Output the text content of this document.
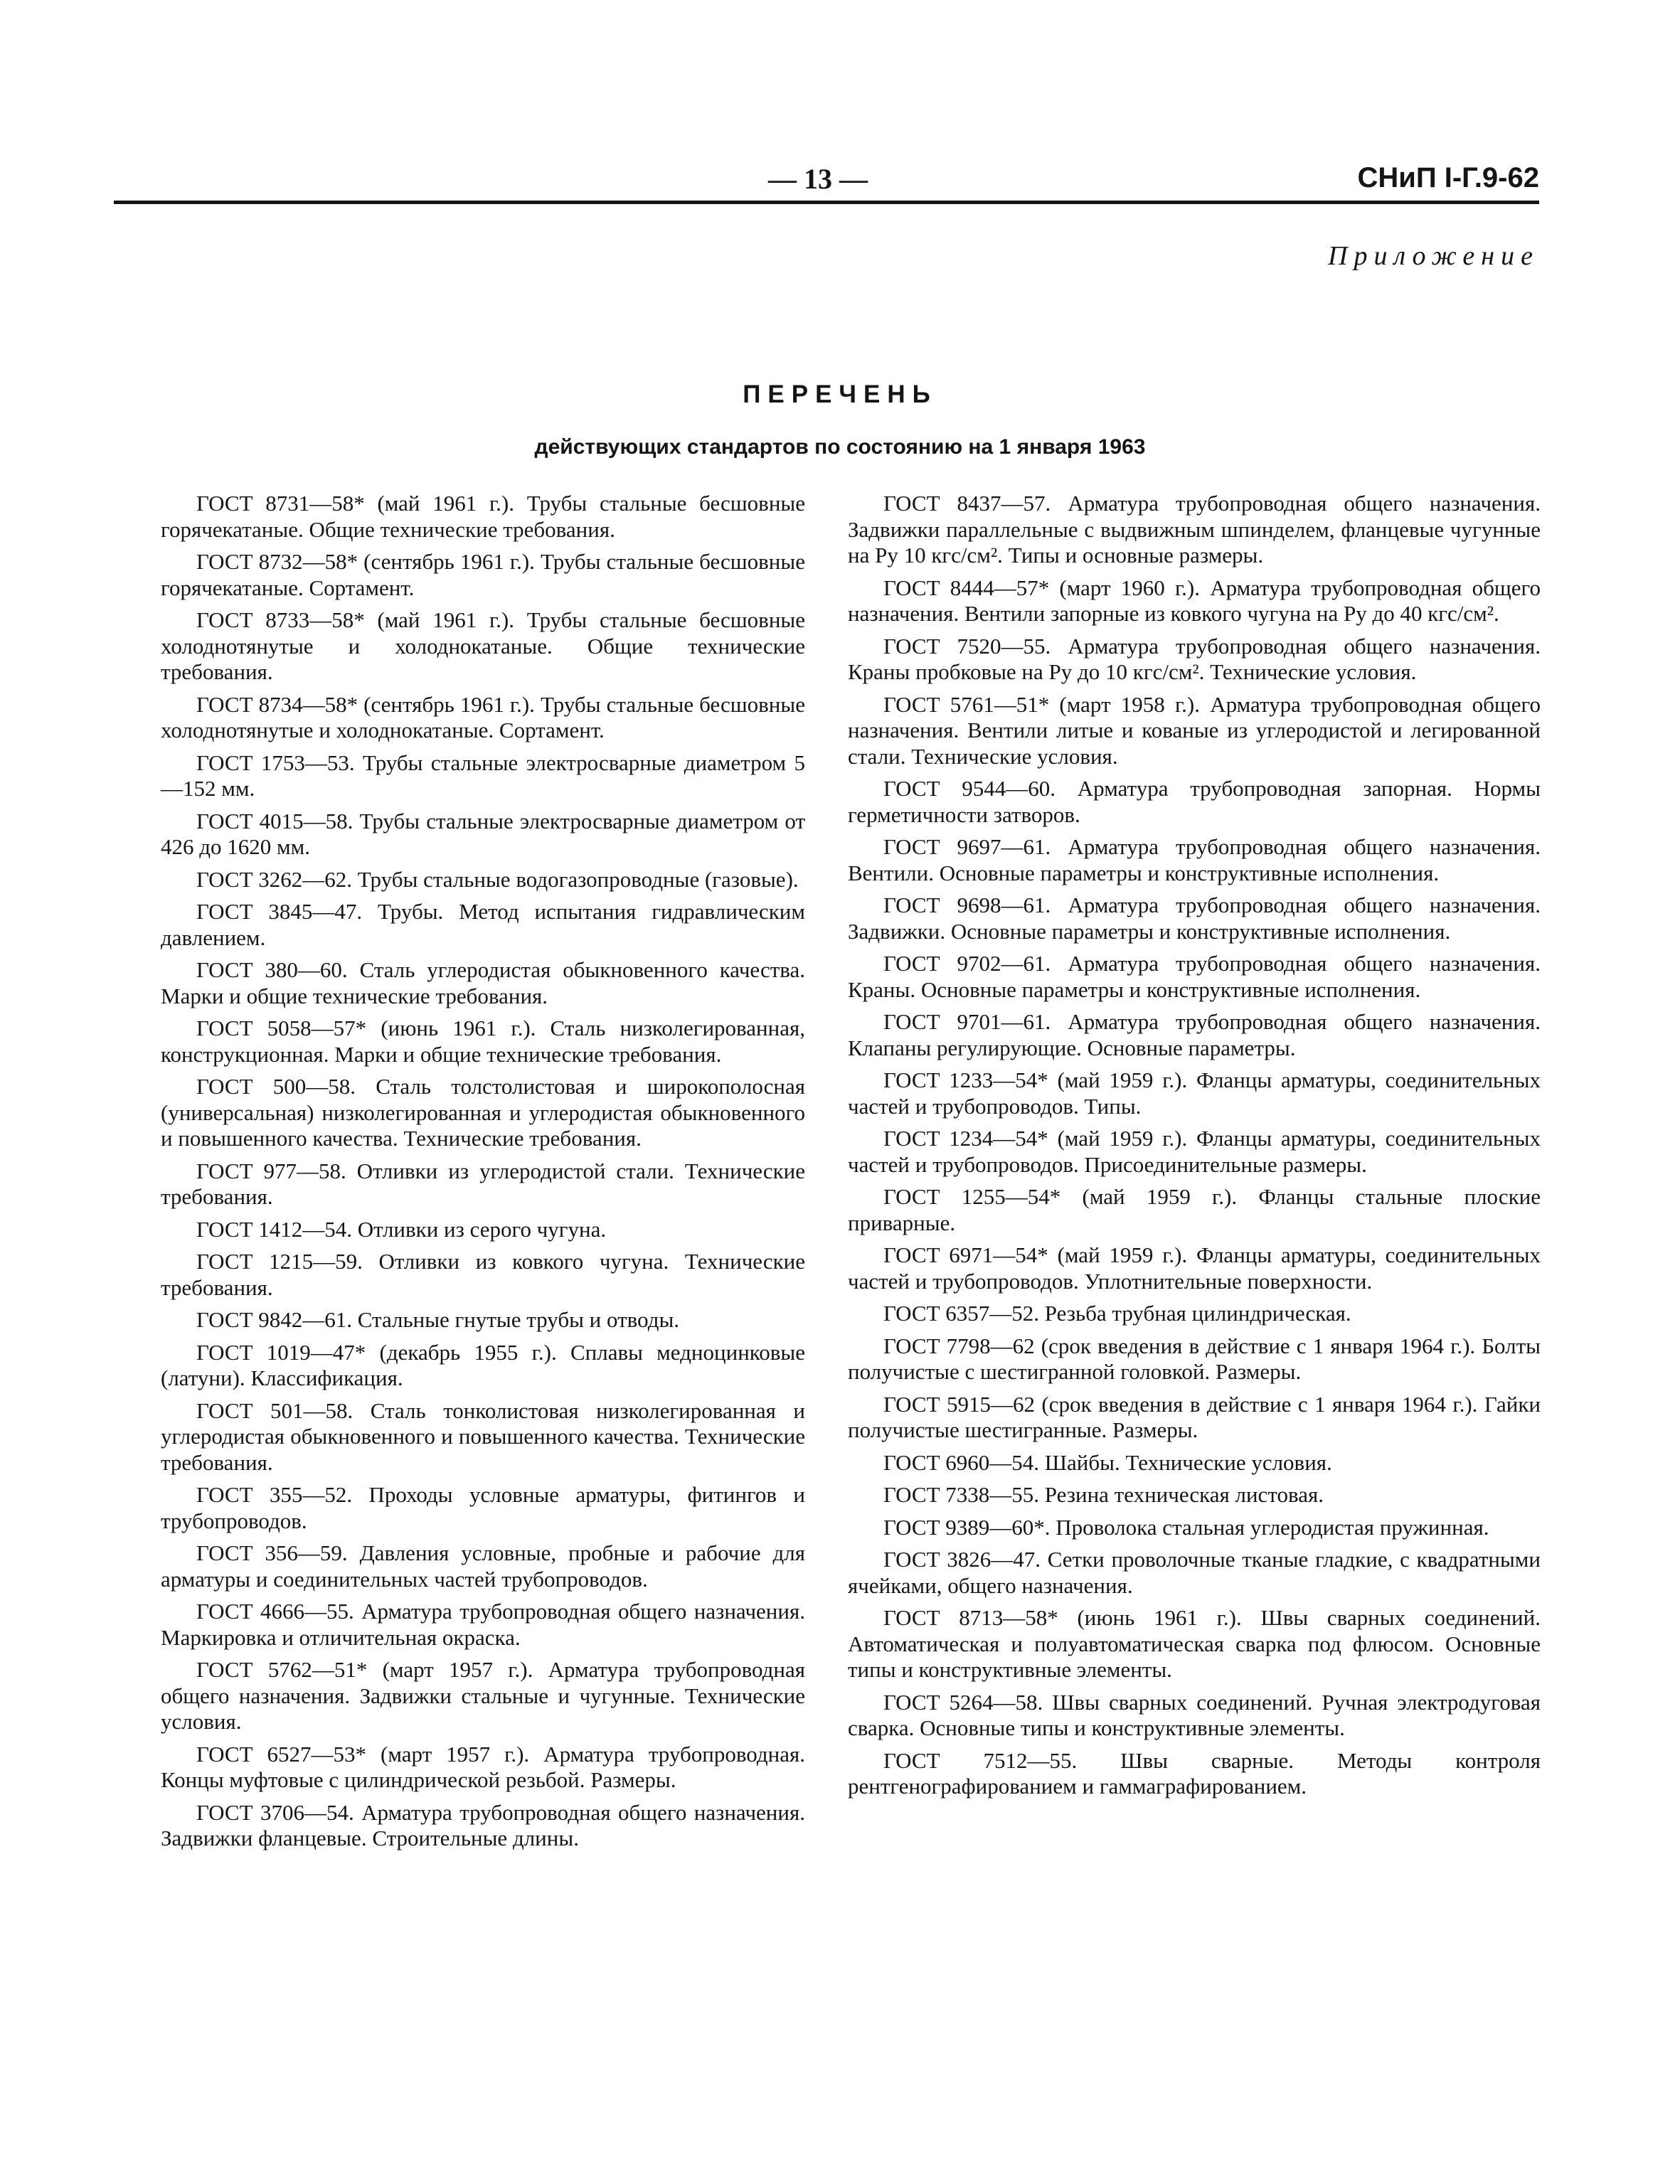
— 13 —	СНиП I-Г.9-62
Приложение
ПЕРЕЧЕНЬ
действующих стандартов по состоянию на 1 января 1963

ГОСТ 8731—58* (май 1961 г.). Трубы стальные бесшовные горячекатаные. Общие технические требования.

ГОСТ 8732—58* (сентябрь 1961 г.). Трубы стальные бесшовные горячекатаные. Сортамент.

ГОСТ 8733—58* (май 1961 г.). Трубы стальные бесшовные холоднотянутые и холоднокатаные. Общие технические требования.

ГОСТ 8734—58* (сентябрь 1961 г.). Трубы стальные бесшовные холоднотянутые и холоднокатаные. Сортамент.

ГОСТ 1753—53. Трубы стальные электросварные диаметром 5—152 мм.

ГОСТ 4015—58. Трубы стальные электросварные диаметром от 426 до 1620 мм.

ГОСТ 3262—62. Трубы стальные водогазопроводные (газовые).

ГОСТ 3845—47. Трубы. Метод испытания гидравлическим давлением.

ГОСТ 380—60. Сталь углеродистая обыкновенного качества. Марки и общие технические требования.

ГОСТ 5058—57* (июнь 1961 г.). Сталь низколегированная, конструкционная. Марки и общие технические требования.

ГОСТ 500—58. Сталь толстолистовая и широкополосная (универсальная) низколегированная и углеродистая обыкновенного и повышенного качества. Технические требования.

ГОСТ 977—58. Отливки из углеродистой стали. Технические требования.

ГОСТ 1412—54. Отливки из серого чугуна.

ГОСТ 1215—59. Отливки из ковкого чугуна. Технические требования.

ГОСТ 9842—61. Стальные гнутые трубы и отводы.

ГОСТ 1019—47* (декабрь 1955 г.). Сплавы медноцинковые (латуни). Классификация.

ГОСТ 501—58. Сталь тонколистовая низколегированная и углеродистая обыкновенного и повышенного качества. Технические требования.

ГОСТ 355—52. Проходы условные арматуры, фитингов и трубопроводов.

ГОСТ 356—59. Давления условные, пробные и рабочие для арматуры и соединительных частей трубопроводов.

ГОСТ 4666—55. Арматура трубопроводная общего назначения. Маркировка и отличительная окраска.

ГОСТ 5762—51* (март 1957 г.). Арматура трубопроводная общего назначения. Задвижки стальные и чугунные. Технические условия.

ГОСТ 6527—53* (март 1957 г.). Арматура трубопроводная. Концы муфтовые с цилиндрической резьбой. Размеры.

ГОСТ 3706—54. Арматура трубопроводная общего назначения. Задвижки фланцевые. Строительные длины.

ГОСТ 8437—57. Арматура трубопроводная общего назначения. Задвижки параллельные с выдвижным шпинделем, фланцевые чугунные на Pу 10 кгс/см². Типы и основные размеры.

ГОСТ 8444—57* (март 1960 г.). Арматура трубопроводная общего назначения. Вентили запорные из ковкого чугуна на Pу до 40 кгс/см².

ГОСТ 7520—55. Арматура трубопроводная общего назначения. Краны пробковые на Pу до 10 кгс/см². Технические условия.

ГОСТ 5761—51* (март 1958 г.). Арматура трубопроводная общего назначения. Вентили литые и кованые из углеродистой и легированной стали. Технические условия.

ГОСТ 9544—60. Арматура трубопроводная запорная. Нормы герметичности затворов.

ГОСТ 9697—61. Арматура трубопроводная общего назначения. Вентили. Основные параметры и конструктивные исполнения.

ГОСТ 9698—61. Арматура трубопроводная общего назначения. Задвижки. Основные параметры и конструктивные исполнения.

ГОСТ 9702—61. Арматура трубопроводная общего назначения. Краны. Основные параметры и конструктивные исполнения.

ГОСТ 9701—61. Арматура трубопроводная общего назначения. Клапаны регулирующие. Основные параметры.

ГОСТ 1233—54* (май 1959 г.). Фланцы арматуры, соединительных частей и трубопроводов. Типы.

ГОСТ 1234—54* (май 1959 г.). Фланцы арматуры, соединительных частей и трубопроводов. Присоединительные размеры.

ГОСТ 1255—54* (май 1959 г.). Фланцы стальные плоские приварные.

ГОСТ 6971—54* (май 1959 г.). Фланцы арматуры, соединительных частей и трубопроводов. Уплотнительные поверхности.

ГОСТ 6357—52. Резьба трубная цилиндрическая.

ГОСТ 7798—62 (срок введения в действие с 1 января 1964 г.). Болты получистые с шестигранной головкой. Размеры.

ГОСТ 5915—62 (срок введения в действие с 1 января 1964 г.). Гайки получистые шестигранные. Размеры.

ГОСТ 6960—54. Шайбы. Технические условия.

ГОСТ 7338—55. Резина техническая листовая.

ГОСТ 9389—60*. Проволока стальная углеродистая пружинная.

ГОСТ 3826—47. Сетки проволочные тканые гладкие, с квадратными ячейками, общего назначения.

ГОСТ 8713—58* (июнь 1961 г.). Швы сварных соединений. Автоматическая и полуавтоматическая сварка под флюсом. Основные типы и конструктивные элементы.

ГОСТ 5264—58. Швы сварных соединений. Ручная электродуговая сварка. Основные типы и конструктивные элементы.

ГОСТ 7512—55. Швы сварные. Методы контроля рентгенографированием и гаммаграфированием.
